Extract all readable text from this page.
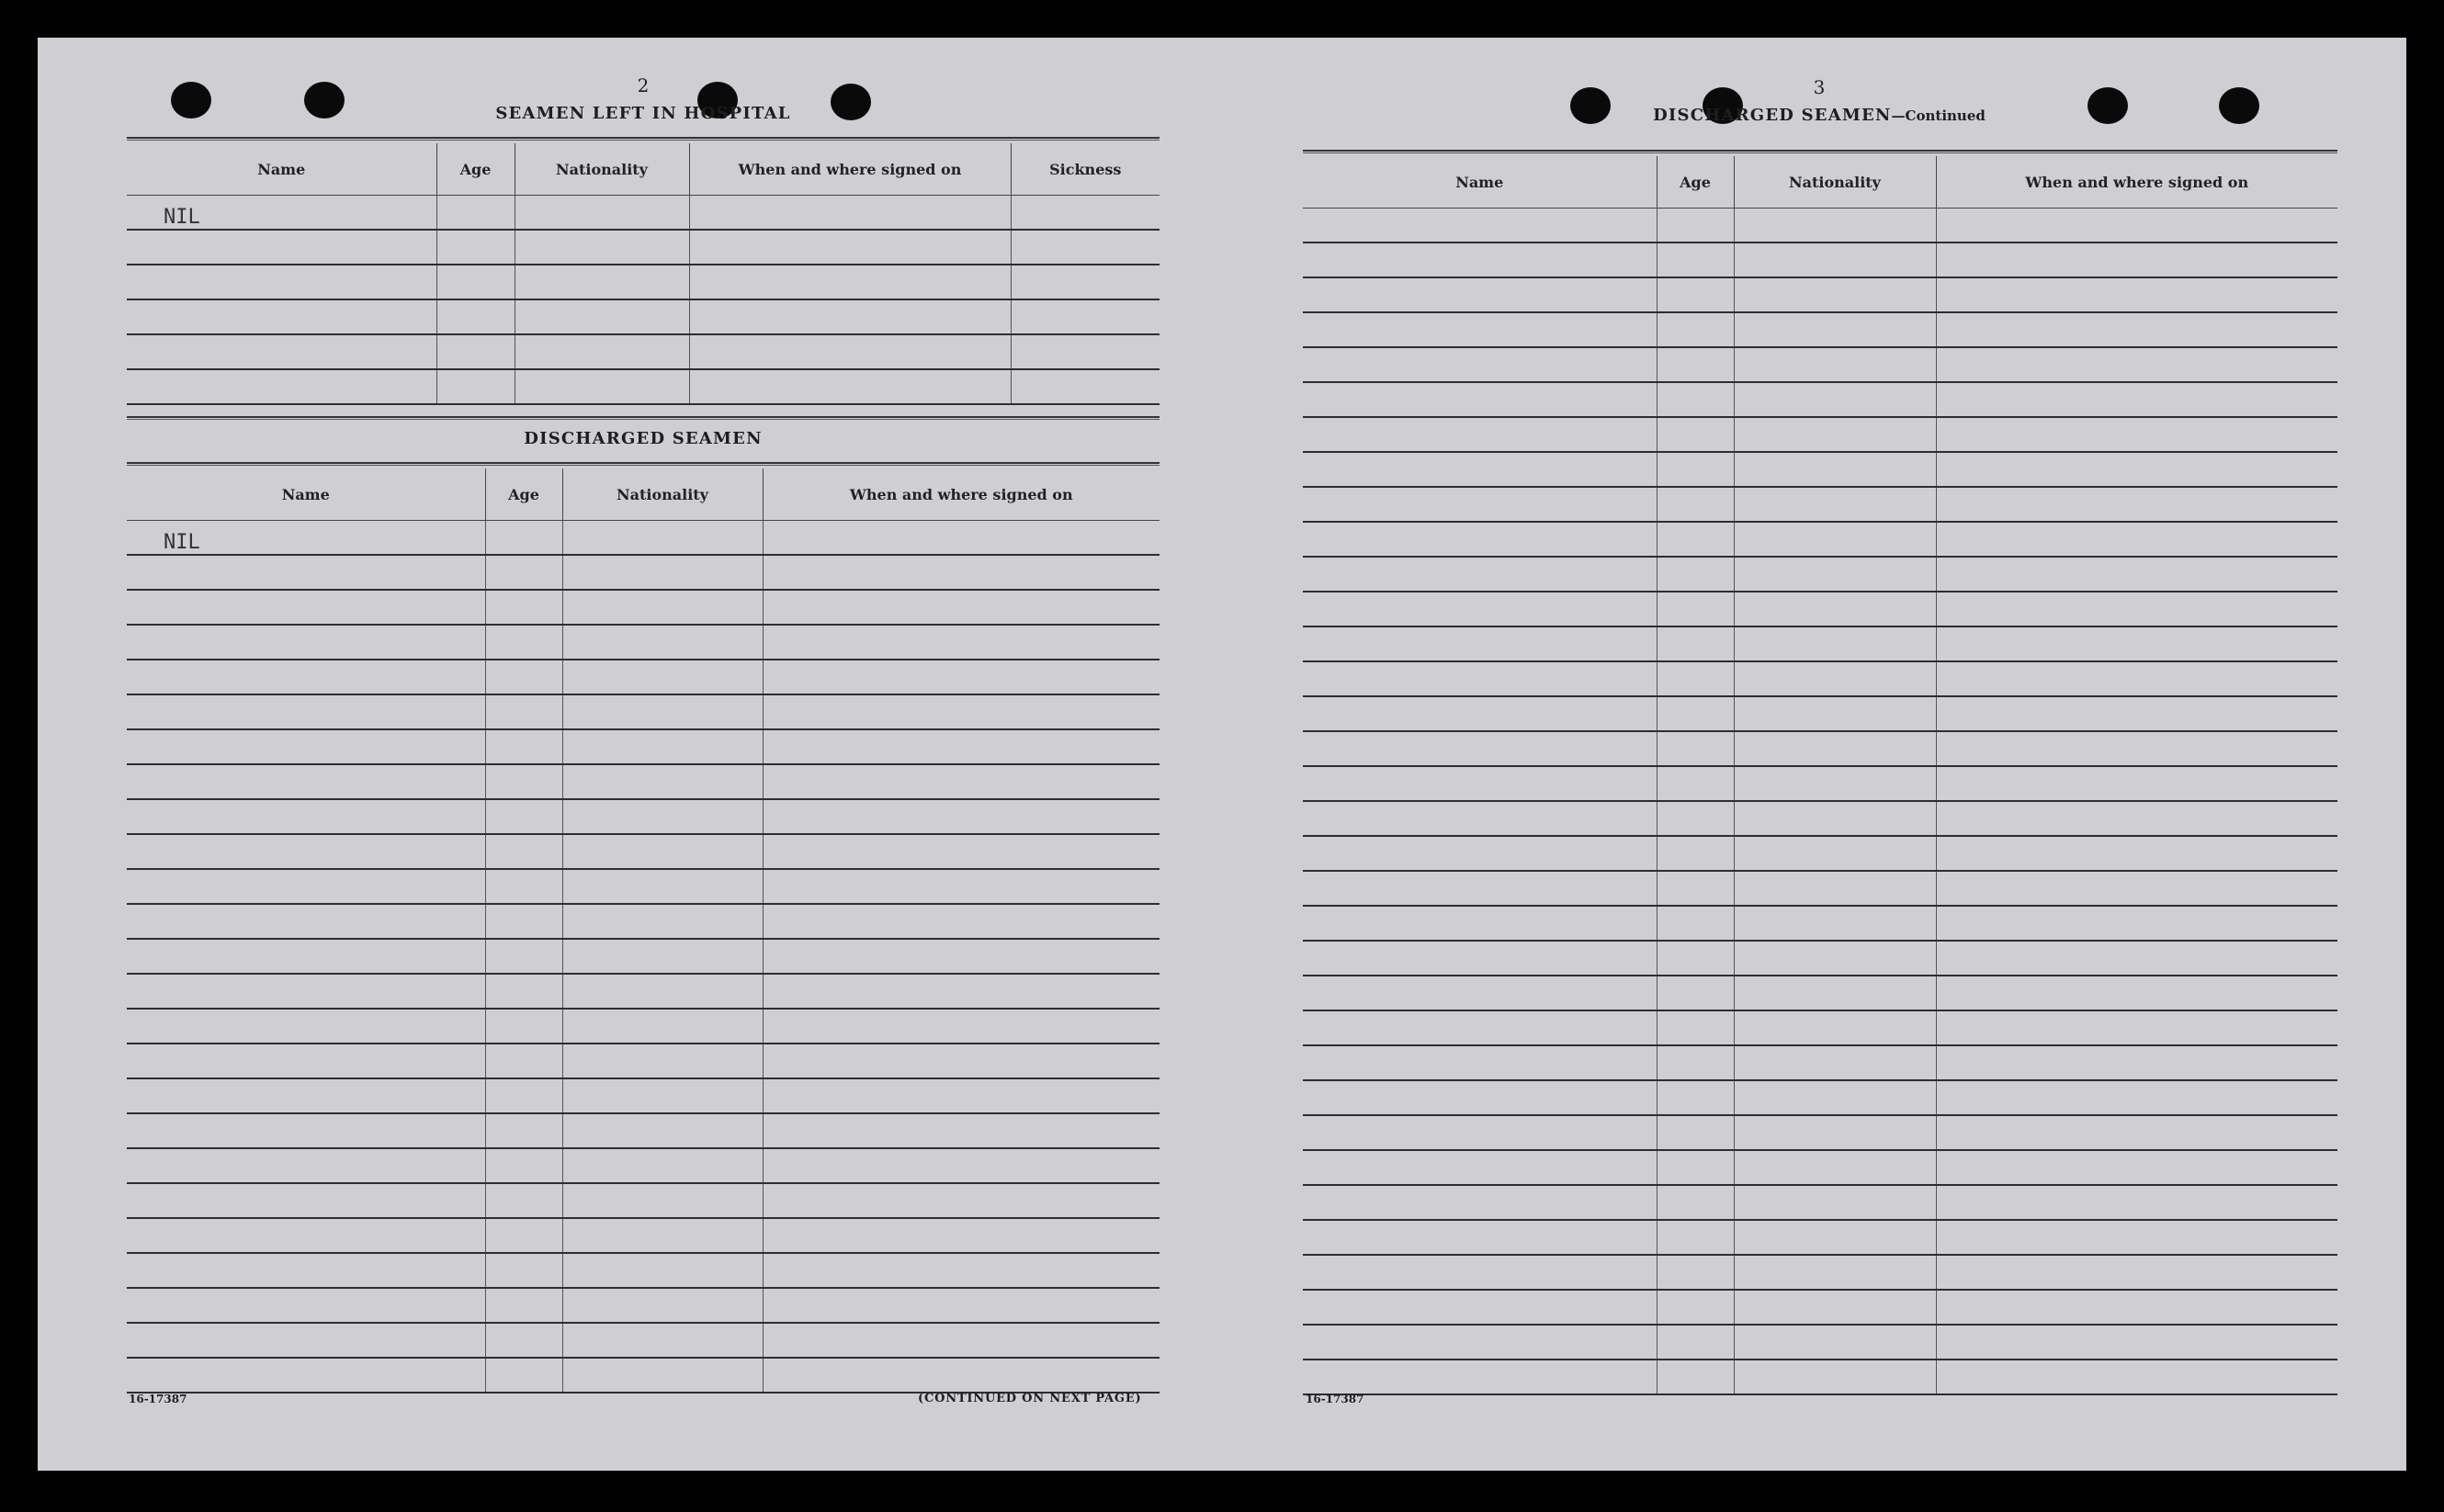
2
SEAMEN LEFT IN HOSPITAL
Name	Age	Nationality	When and where signed on	Sickness
NIL				

DISCHARGED SEAMEN
Name	Age	Nationality	When and where signed on
NIL			

16-17387	(CONTINUED ON NEXT PAGE)
3
DISCHARGED SEAMEN—Continued
Name	Age	Nationality	When and where signed on

16-17387
